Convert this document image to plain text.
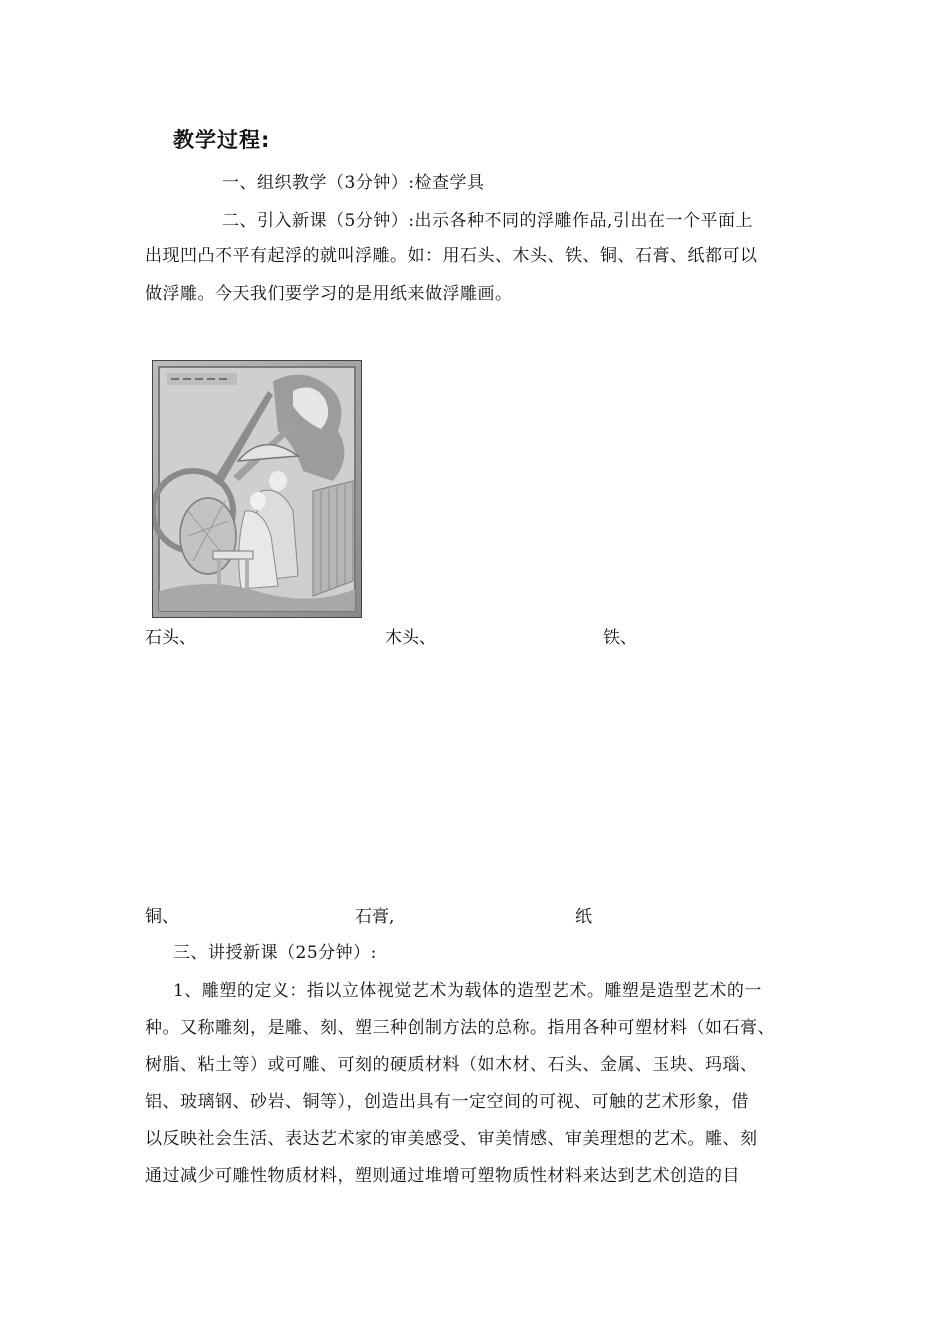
教学过程:
一、组织教学（3分钟）:检查学具
二、引入新课（5分钟）:出示各种不同的浮雕作品,引出在一个平面上
出现凹凸不平有起浮的就叫浮雕。如：用石头、木头、铁、铜、石膏、纸都可以
做浮雕。今天我们要学习的是用纸来做浮雕画。
石头、	木头、	铁、
铜、	石膏,	纸
三、讲授新课（25分钟）:
1、雕塑的定义：指以立体视觉艺术为载体的造型艺术。雕塑是造型艺术的一
种。又称雕刻，是雕、刻、塑三种创制方法的总称。指用各种可塑材料（如石膏、
树脂、粘土等）或可雕、可刻的硬质材料（如木材、石头、金属、玉块、玛瑙、
铝、玻璃钢、砂岩、铜等），创造出具有一定空间的可视、可触的艺术形象，借
以反映社会生活、表达艺术家的审美感受、审美情感、审美理想的艺术。雕、刻
通过减少可雕性物质材料，塑则通过堆增可塑物质性材料来达到艺术创造的目
